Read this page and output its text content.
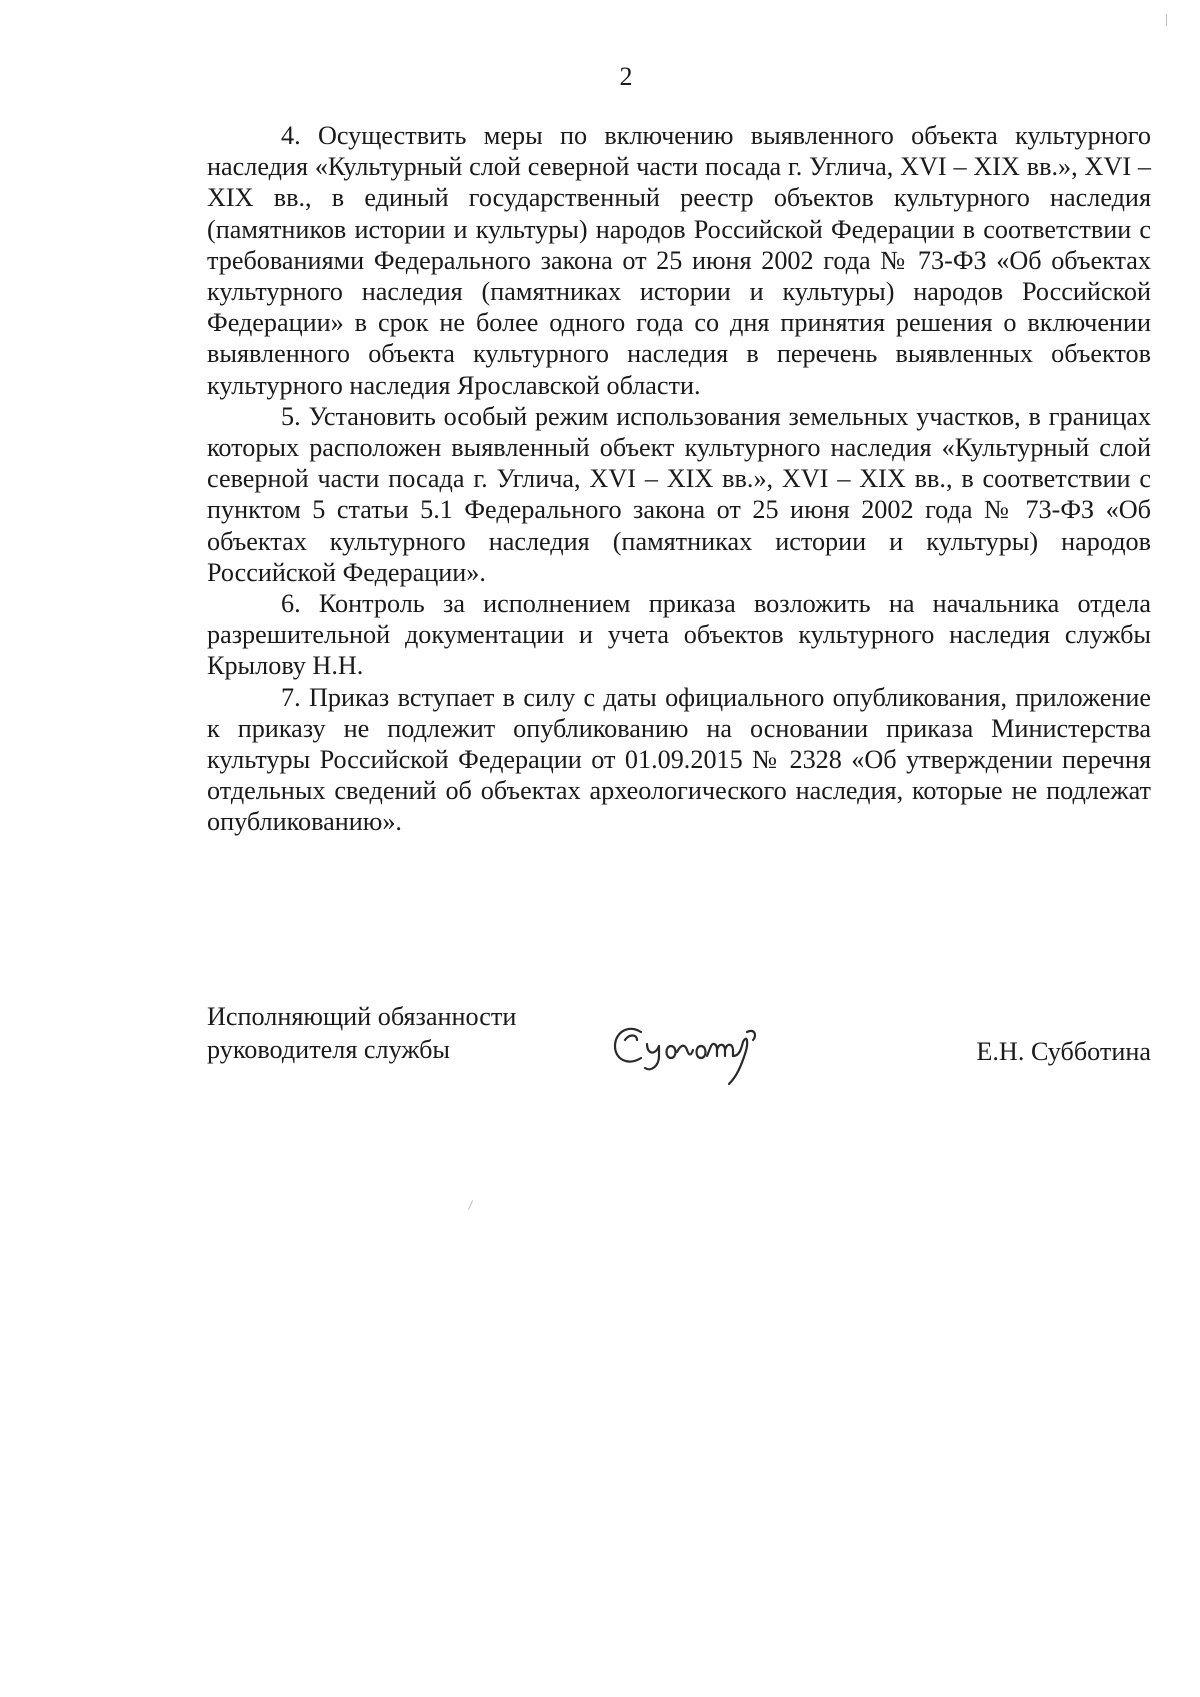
2

4. Осуществить меры по включению выявленного объекта культурного наследия «Культурный слой северной части посада г. Углича, XVI – XIX вв.», XVI – XIX вв., в единый государственный реестр объектов культурного наследия (памятников истории и культуры) народов Российской Федерации в соответствии с требованиями Федерального закона от 25 июня 2002 года № 73-ФЗ «Об объектах культурного наследия (памятниках истории и культуры) народов Российской Федерации» в срок не более одного года со дня принятия решения о включении выявленного объекта культурного наследия в перечень выявленных объектов культурного наследия Ярославской области.

5. Установить особый режим использования земельных участков, в границах которых расположен выявленный объект культурного наследия «Культурный слой северной части посада г. Углича, XVI – XIX вв.», XVI – XIX вв., в соответствии с пунктом 5 статьи 5.1 Федерального закона от 25 июня 2002 года № 73-ФЗ «Об объектах культурного наследия (памятниках истории и культуры) народов Российской Федерации».

6. Контроль за исполнением приказа возложить на начальника отдела разрешительной документации и учета объектов культурного наследия службы Крылову Н.Н.

7. Приказ вступает в силу с даты официального опубликования, приложение к приказу не подлежит опубликованию на основании приказа Министерства культуры Российской Федерации от 01.09.2015 № 2328 «Об утверждении перечня отдельных сведений об объектах археологического наследия, которые не подлежат опубликованию».

Исполняющий обязанности
руководителя службы	Е.Н. Субботина
